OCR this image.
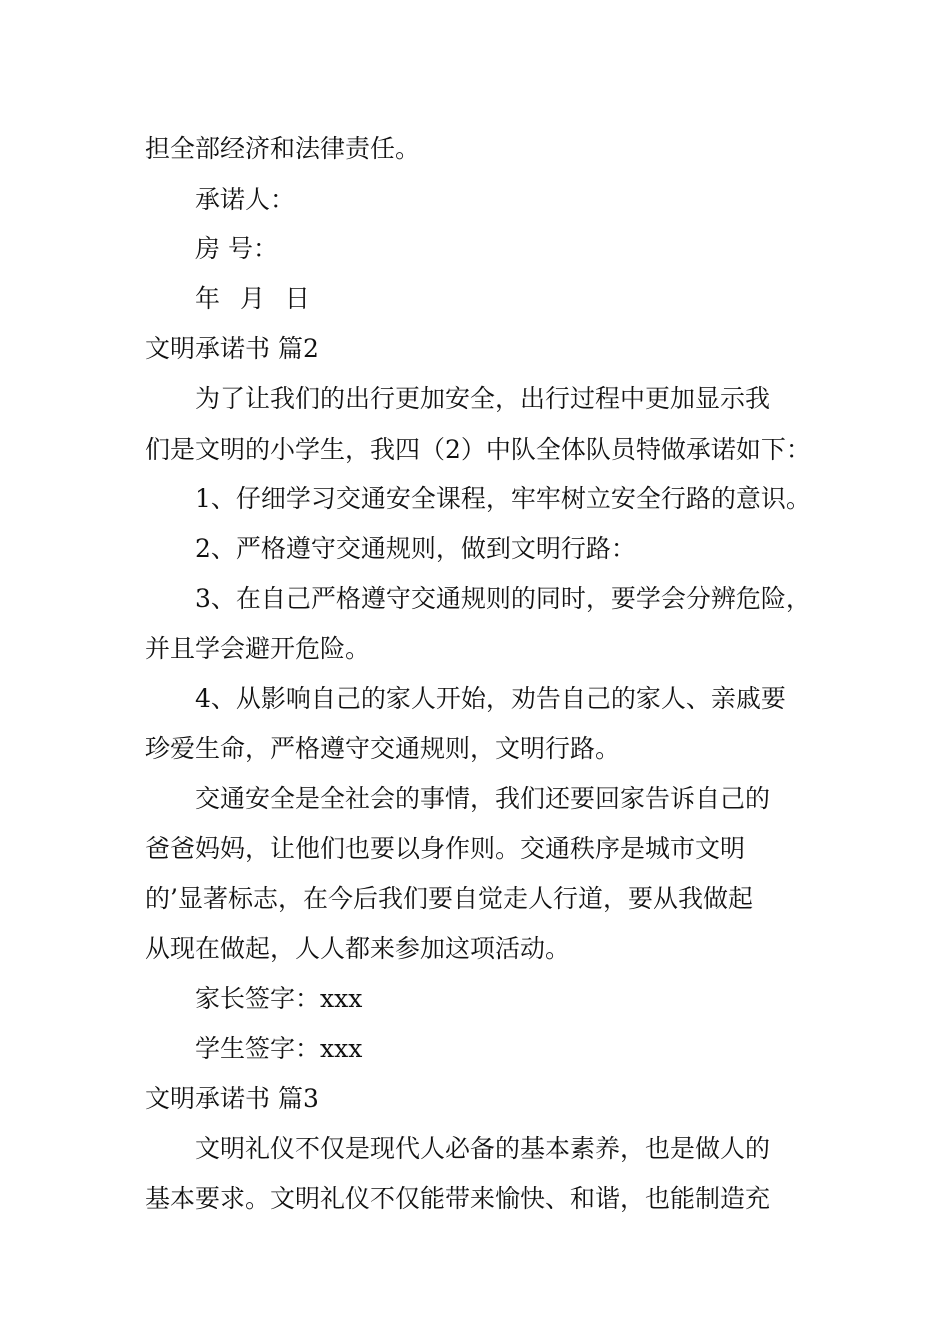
担全部经济和法律责任。
承诺人：
房 号：
年 月 日
文明承诺书 篇2
为了让我们的出行更加安全，出行过程中更加显示我
们是文明的小学生，我四（2）中队全体队员特做承诺如下：
1、仔细学习交通安全课程，牢牢树立安全行路的意识。
2、严格遵守交通规则，做到文明行路：
3、在自己严格遵守交通规则的同时，要学会分辨危险，
并且学会避开危险。
4、从影响自己的家人开始，劝告自己的家人、亲戚要
珍爱生命，严格遵守交通规则，文明行路。
交通安全是全社会的事情，我们还要回家告诉自己的
爸爸妈妈，让他们也要以身作则。交通秩序是城市文明
的’显著标志，在今后我们要自觉走人行道，要从我做起
从现在做起，人人都来参加这项活动。
家长签字：xxx
学生签字：xxx
文明承诺书 篇3
文明礼仪不仅是现代人必备的基本素养，也是做人的
基本要求。文明礼仪不仅能带来愉快、和谐，也能制造充
